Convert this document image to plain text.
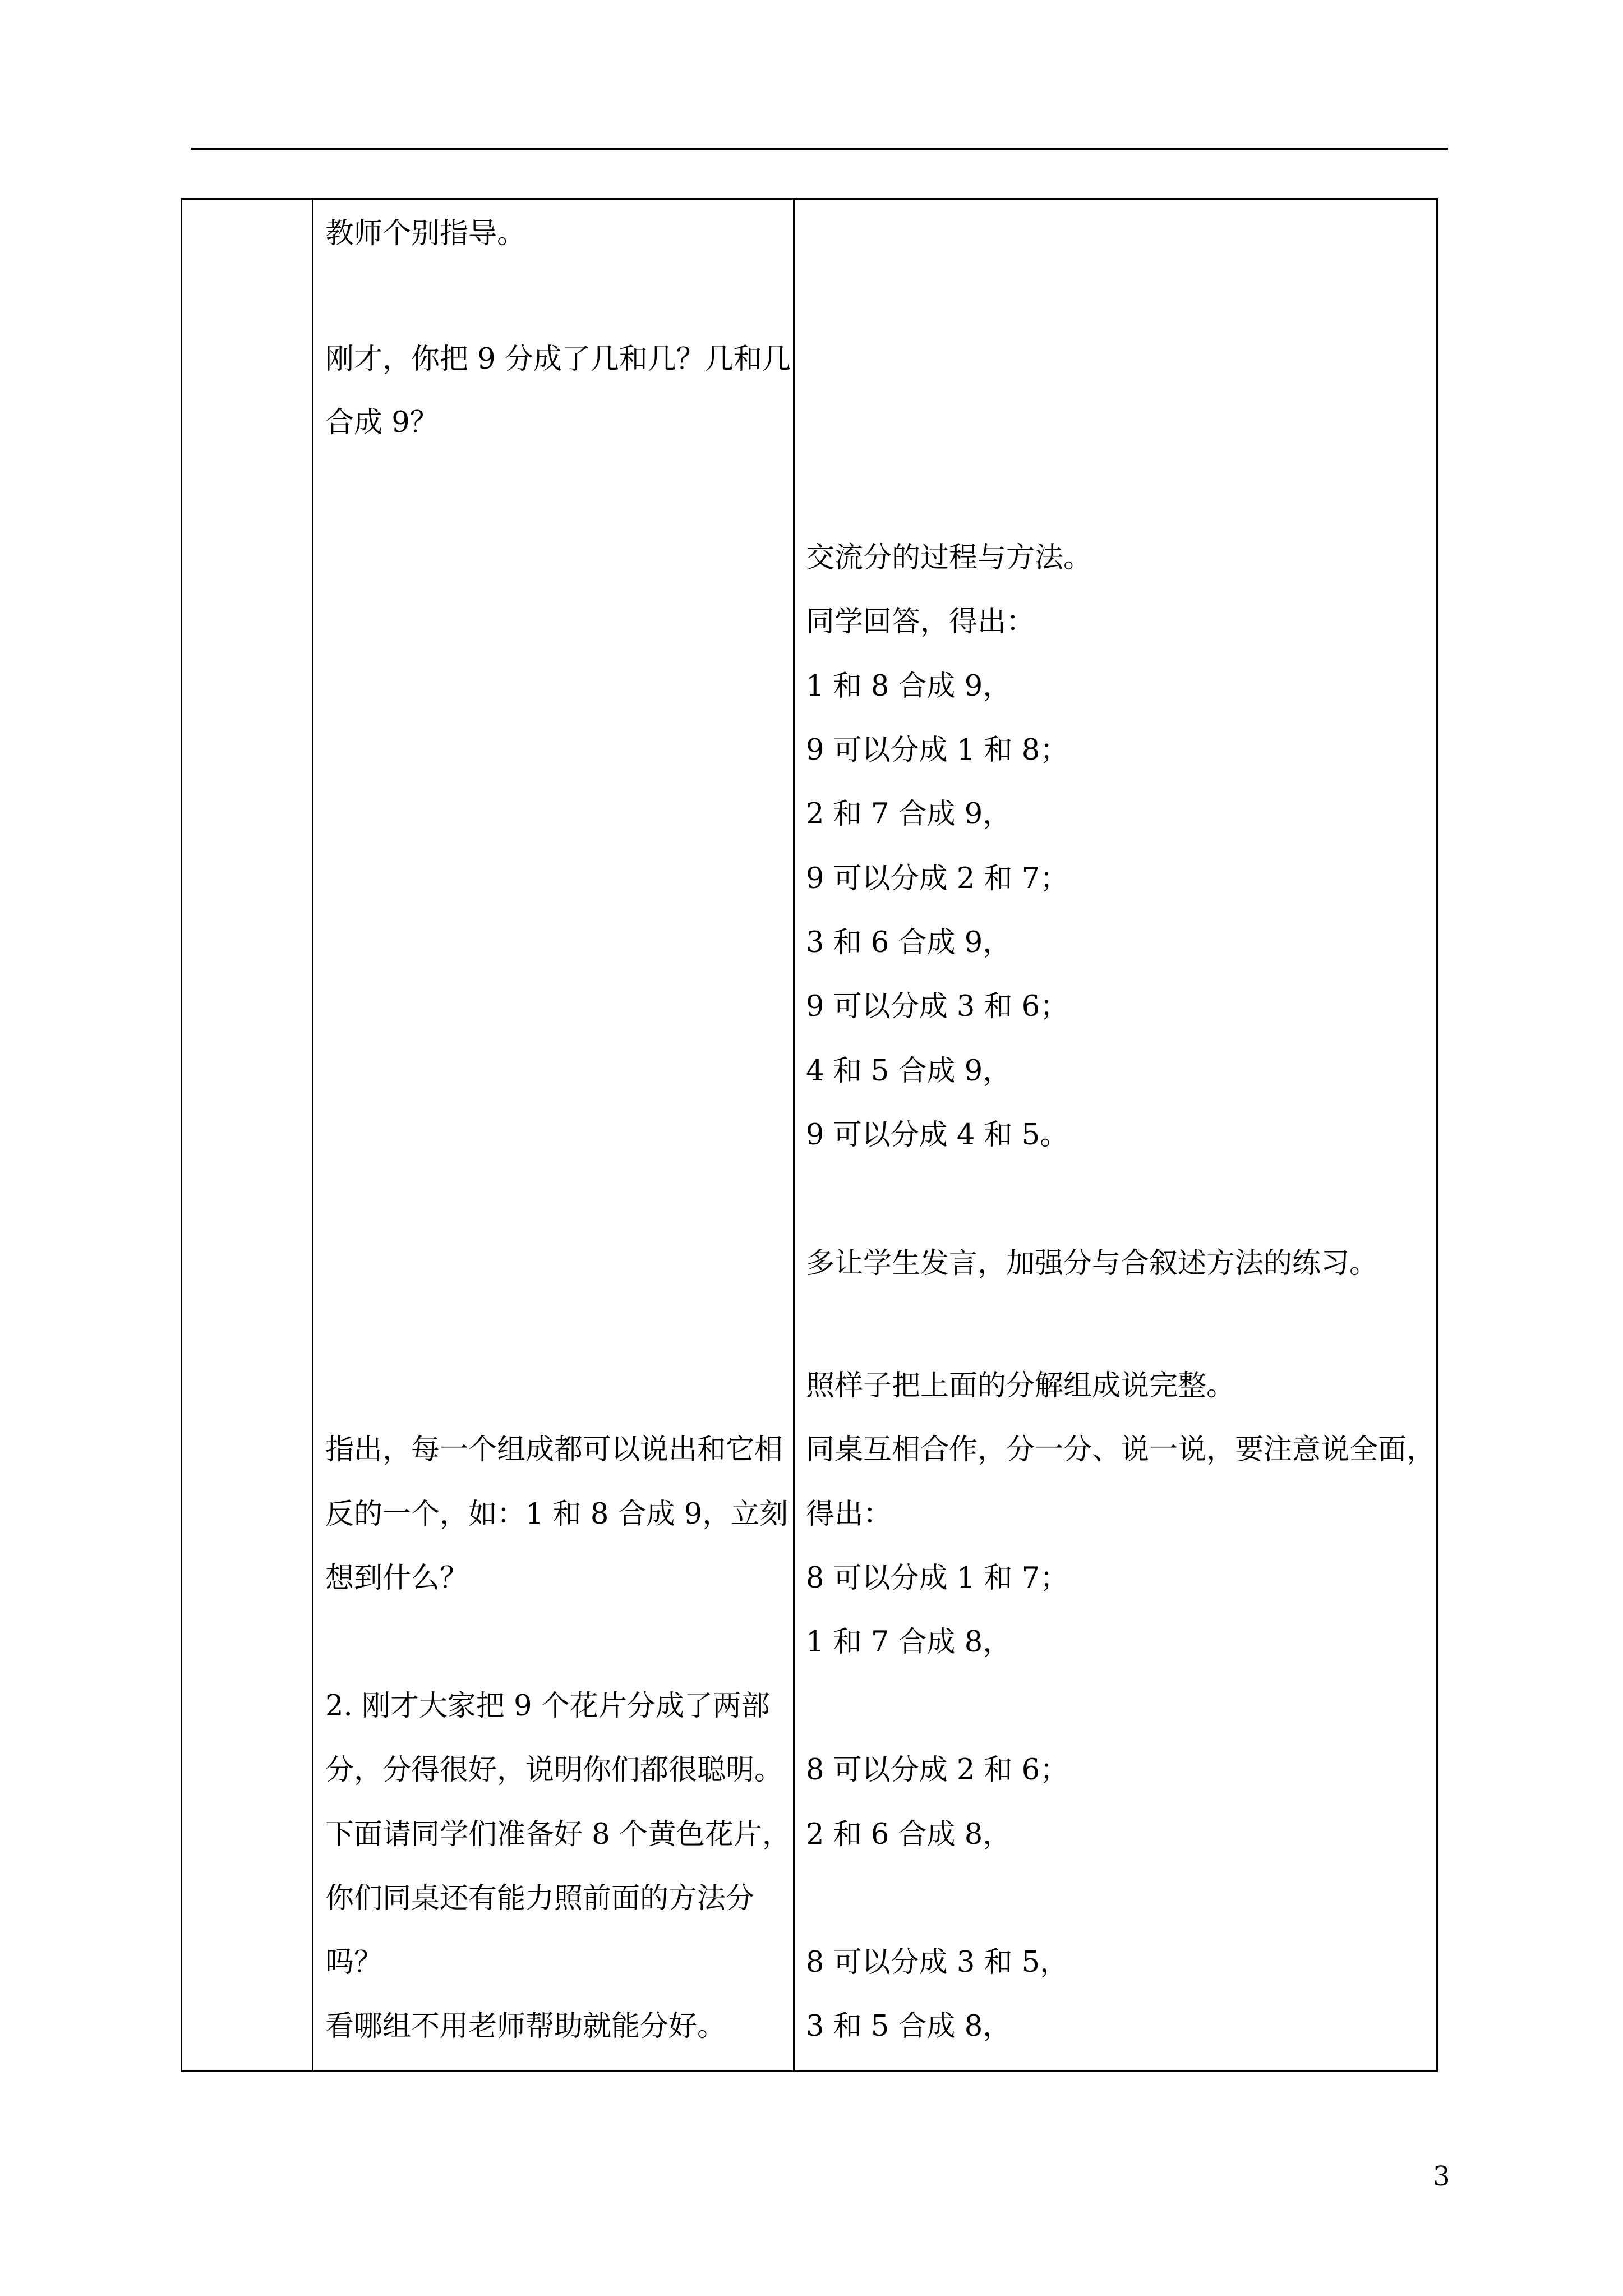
教师个别指导。
刚才，你把 9 分成了几和几？几和几
合成 9？
指出，每一个组成都可以说出和它相
反的一个，如：1 和 8 合成 9，立刻
想到什么？
2. 刚才大家把 9 个花片分成了两部
分，分得很好，说明你们都很聪明。
下面请同学们准备好 8 个黄色花片，
你们同桌还有能力照前面的方法分
吗？
看哪组不用老师帮助就能分好。
交流分的过程与方法。
同学回答，得出：
1 和 8 合成 9，
9 可以分成 1 和 8；
2 和 7 合成 9，
9 可以分成 2 和 7；
3 和 6 合成 9，
9 可以分成 3 和 6；
4 和 5 合成 9，
9 可以分成 4 和 5。
多让学生发言，加强分与合叙述方法的练习。
照样子把上面的分解组成说完整。
同桌互相合作，分一分、说一说，要注意说全面，
得出：
8 可以分成 1 和 7；
1 和 7 合成 8，
8 可以分成 2 和 6；
2 和 6 合成 8，
8 可以分成 3 和 5，
3 和 5 合成 8，
3
